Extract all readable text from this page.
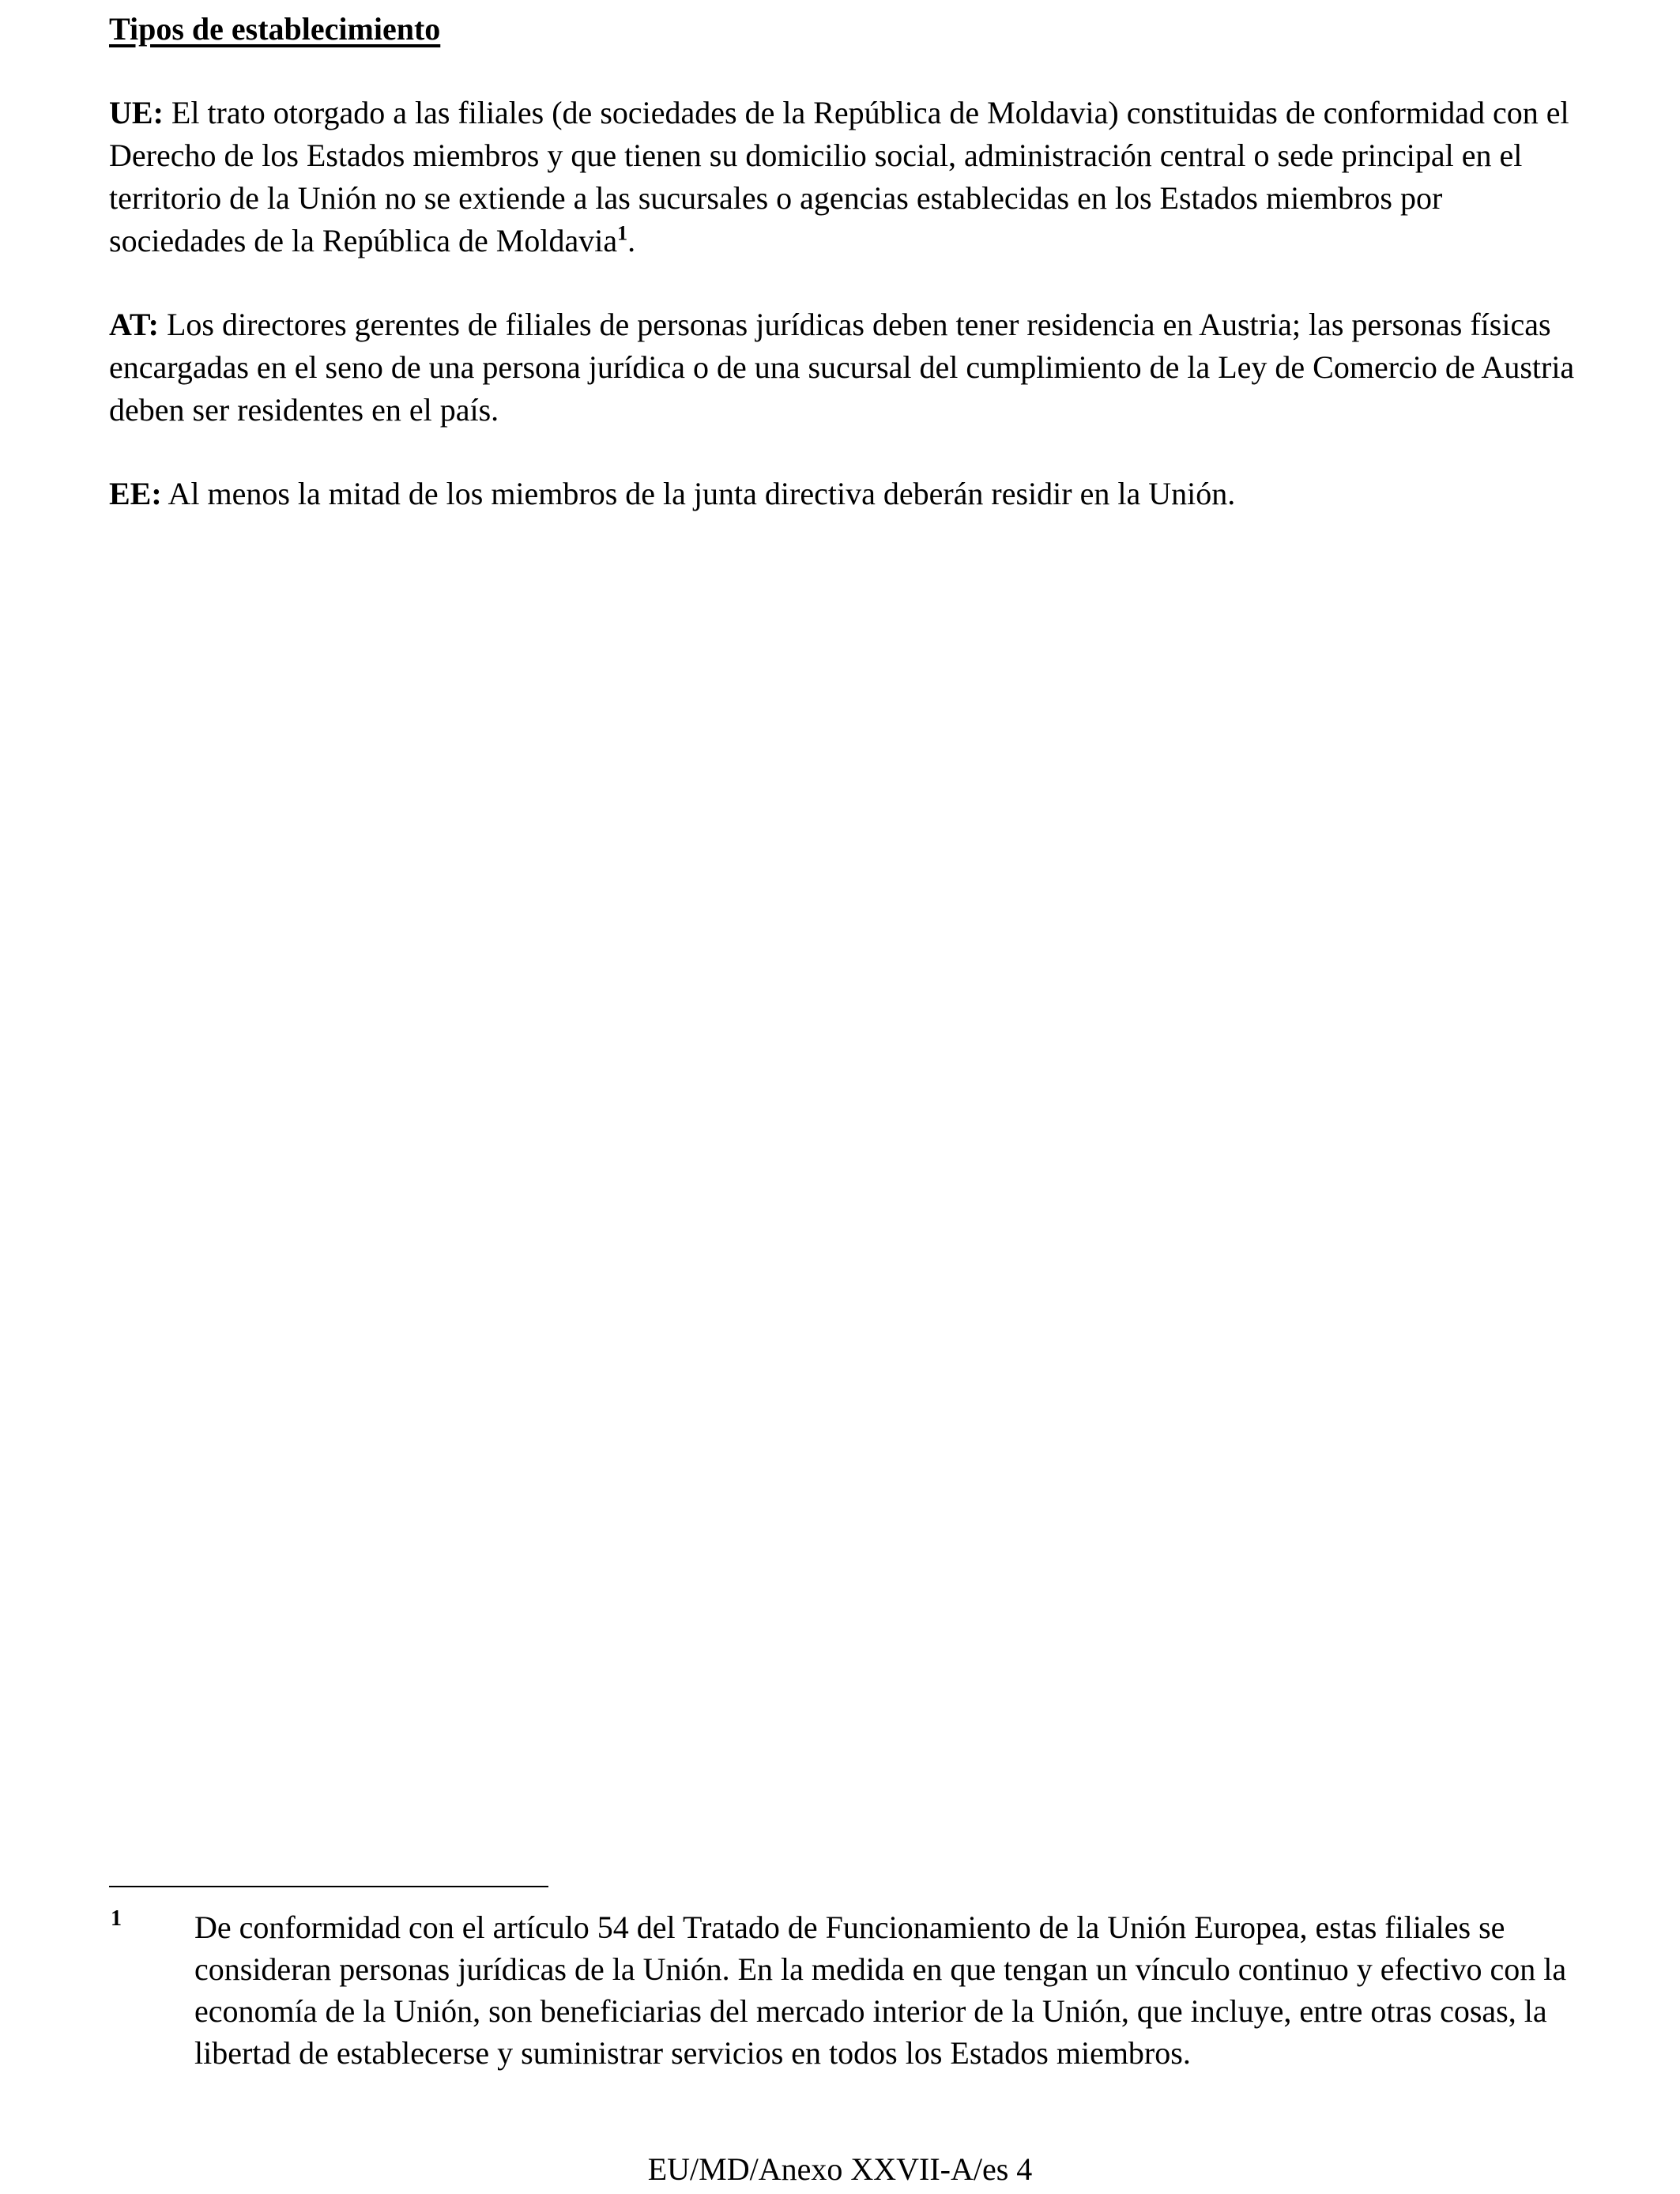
Tipos de establecimiento

UE: El trato otorgado a las filiales (de sociedades de la República de Moldavia) constituidas de conformidad con el Derecho de los Estados miembros y que tienen su domicilio social, administración central o sede principal en el territorio de la Unión no se extiende a las sucursales o agencias establecidas en los Estados miembros por sociedades de la República de Moldavia$^1$.

AT: Los directores gerentes de filiales de personas jurídicas deben tener residencia en Austria; las personas físicas encargadas en el seno de una persona jurídica o de una sucursal del cumplimiento de la Ley de Comercio de Austria deben ser residentes en el país.

EE: Al menos la mitad de los miembros de la junta directiva deberán residir en la Unión.

1 De conformidad con el artículo 54 del Tratado de Funcionamiento de la Unión Europea, estas filiales se consideran personas jurídicas de la Unión. En la medida en que tengan un vínculo continuo y efectivo con la economía de la Unión, son beneficiarias del mercado interior de la Unión, que incluye, entre otras cosas, la libertad de establecerse y suministrar servicios en todos los Estados miembros.

EU/MD/Anexo XXVII-A/es 4
